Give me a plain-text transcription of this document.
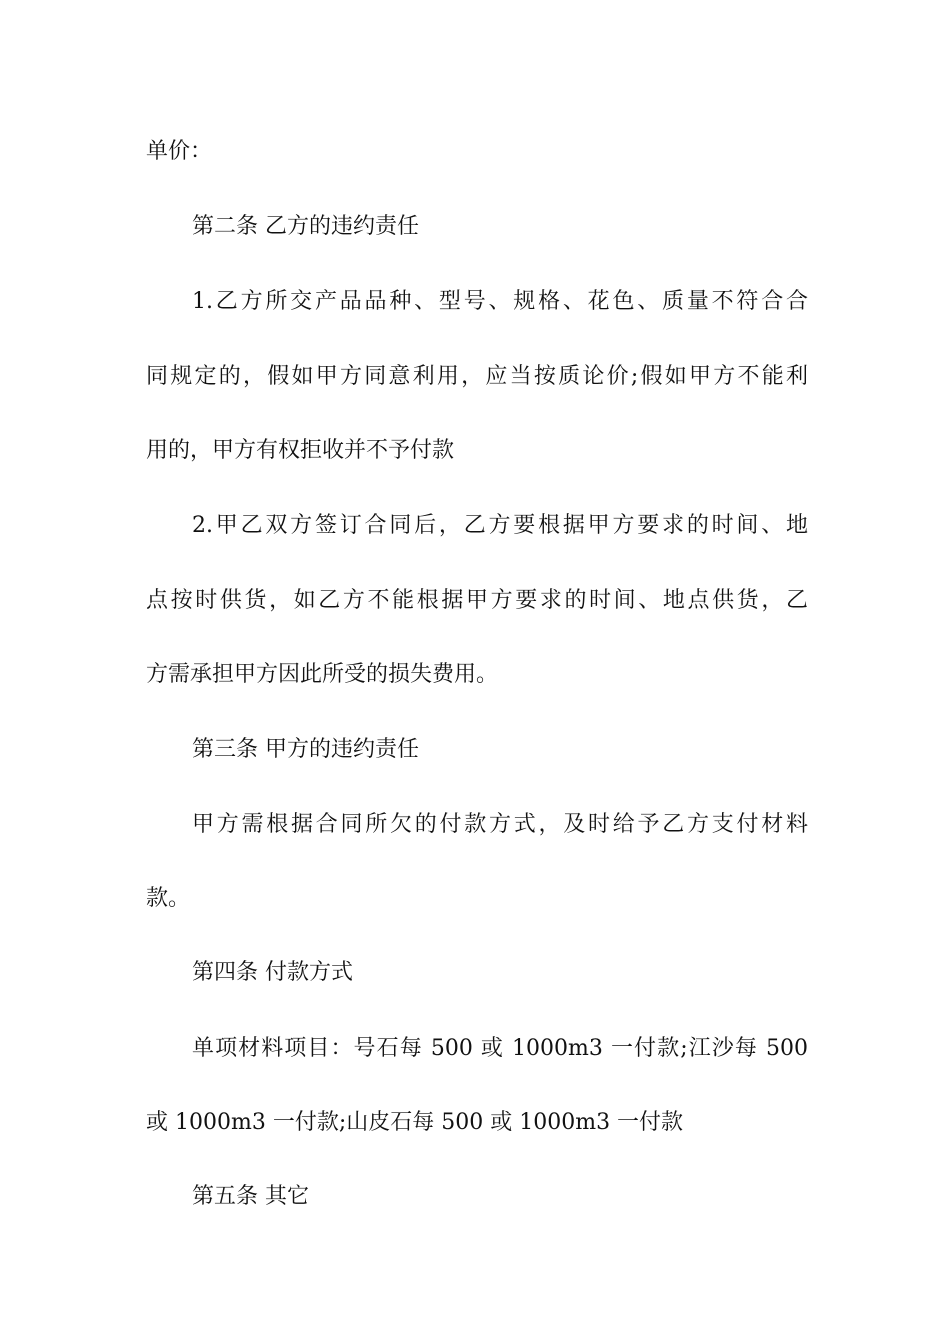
单价：
第二条 乙方的违约责任
1.乙方所交产品品种、型号、规格、花色、质量不符合合
同规定的，假如甲方同意利用，应当按质论价;假如甲方不能利
用的，甲方有权拒收并不予付款
2.甲乙双方签订合同后，乙方要根据甲方要求的时间、地
点按时供货，如乙方不能根据甲方要求的时间、地点供货，乙
方需承担甲方因此所受的损失费用。
第三条 甲方的违约责任
甲方需根据合同所欠的付款方式，及时给予乙方支付材料
款。
第四条 付款方式
单项材料项目：号石每 500 或 1000m3 一付款;江沙每 500
或 1000m3 一付款;山皮石每 500 或 1000m3 一付款
第五条 其它
